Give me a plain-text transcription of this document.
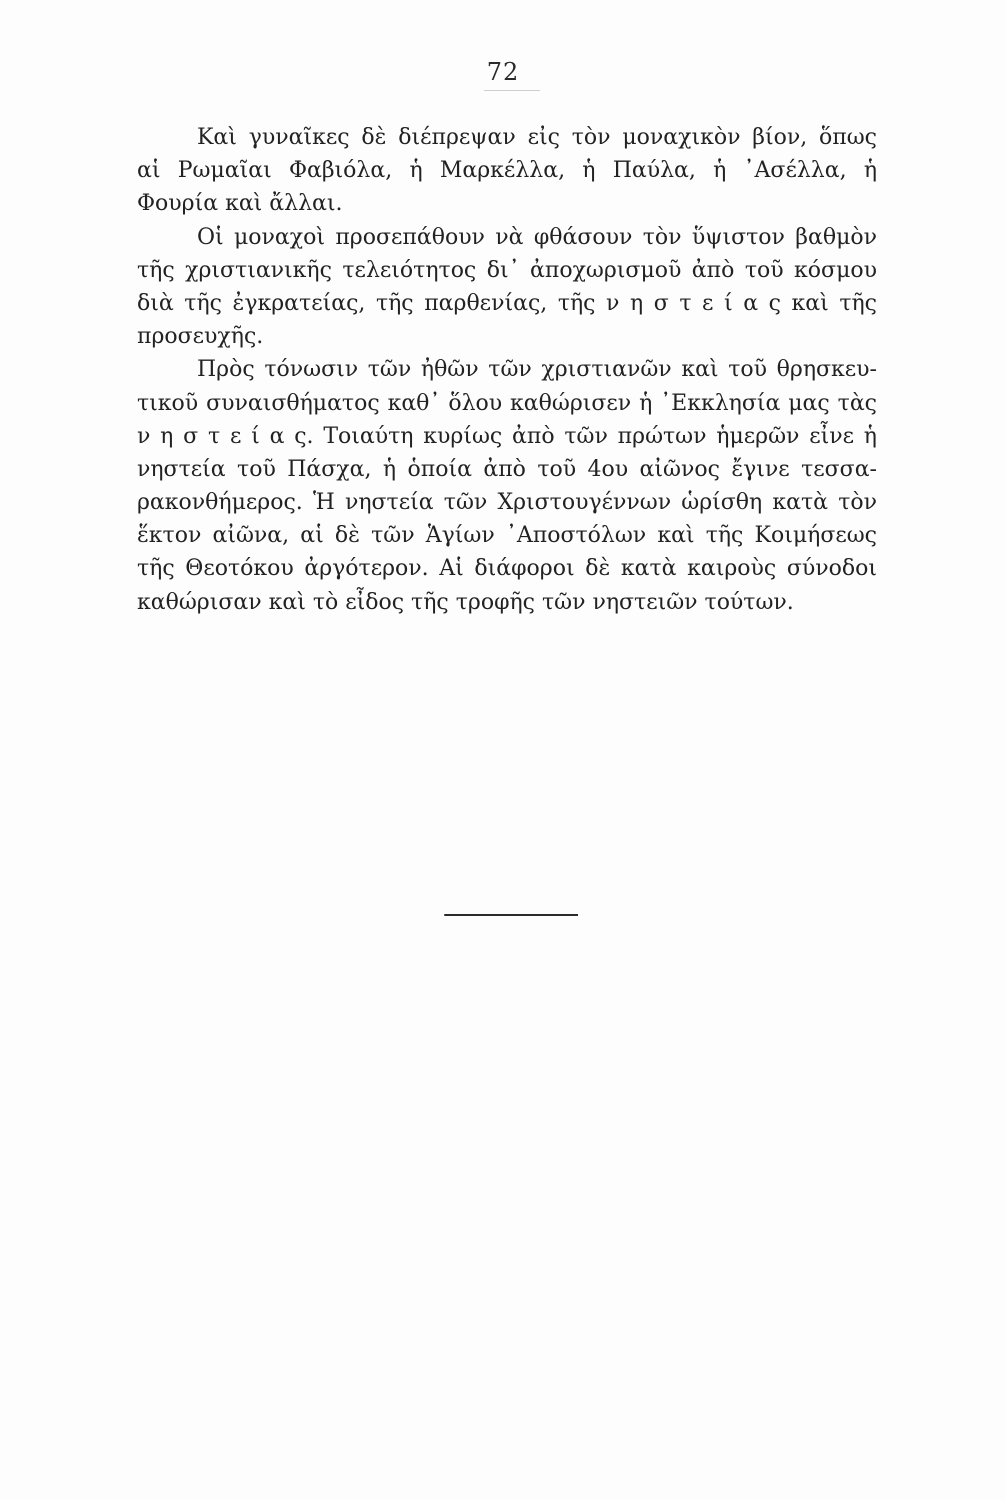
72
Καὶ γυναῖκες δὲ διέπρεψαν εἰς τὸν μοναχικὸν βίον, ὅπως
αἱ Ρωμαῖαι Φαβιόλα, ἡ Μαρκέλλα, ἡ Παύλα, ἡ ᾿Ασέλλα, ἡ
Φουρία καὶ ἄλλαι.
Οἱ μοναχοὶ προσεπάθουν νὰ φθάσουν τὸν ὕψιστον βαθμὸν
τῆς χριστιανικῆς τελειότητος δι᾿ ἀποχωρισμοῦ ἀπὸ τοῦ κόσμου
διὰ τῆς ἐγκρατείας, τῆς παρθενίας, τῆς ν η σ τ ε ί α ς καὶ τῆς
προσευχῆς.
Πρὸς τόνωσιν τῶν ἠθῶν τῶν χριστιανῶν καὶ τοῦ θρησκευ-
τικοῦ συναισθήματος καθ᾿ ὅλου καθώρισεν ἡ ᾿Εκκλησία μας τὰς
ν η σ τ ε ί α ς. Τοιαύτη κυρίως ἀπὸ τῶν πρώτων ἡμερῶν εἶνε ἡ
νηστεία τοῦ Πάσχα, ἡ ὁποία ἀπὸ τοῦ 4ου αἰῶνος ἔγινε τεσσα-
ρακονθήμερος. Ἡ νηστεία τῶν Χριστουγέννων ὡρίσθη κατὰ τὸν
ἕκτον αἰῶνα, αἱ δὲ τῶν Ἁγίων ᾿Αποστόλων καὶ τῆς Κοιμήσεως
τῆς Θεοτόκου ἀργότερον. Αἱ διάφοροι δὲ κατὰ καιροὺς σύνοδοι
καθώρισαν καὶ τὸ εἶδος τῆς τροφῆς τῶν νηστειῶν τούτων.
